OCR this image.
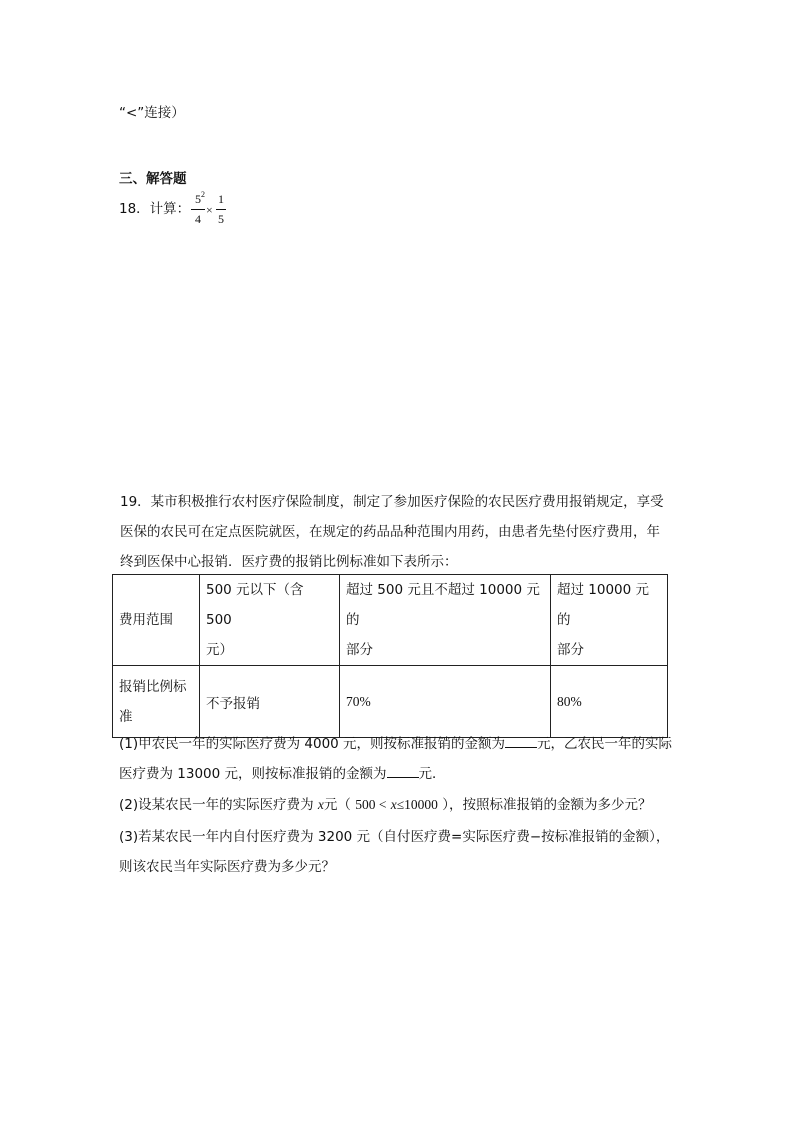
“<”连接）
三、解答题
18．计算：
5 2
4
×
1
5
19．某市积极推行农村医疗保险制度，制定了参加医疗保险的农民医疗费用报销规定，享受
医保的农民可在定点医院就医，在规定的药品品种范围内用药，由患者先垫付医疗费用，年
终到医保中心报销．医疗费的报销比例标准如下表所示：
费用范围	500 元以下（含 500
元）	超过 500 元且不超过 10000 元的
部分	超过 10000 元的
部分

报销比例标
准	不予报销	70%	80%
(1)甲农民一年的实际医疗费为 4000 元，则按标准报销的金额为 元，乙农民一年的实际
医疗费为 13000 元，则按标准报销的金额为 元．
(2)设某农民一年的实际医疗费为 x元（ 500 < x≤10000 ），按照标准报销的金额为多少元？
(3)若某农民一年内自付医疗费为 3200 元（自付医疗费=实际医疗费−按标准报销的金额），
则该农民当年实际医疗费为多少元？
